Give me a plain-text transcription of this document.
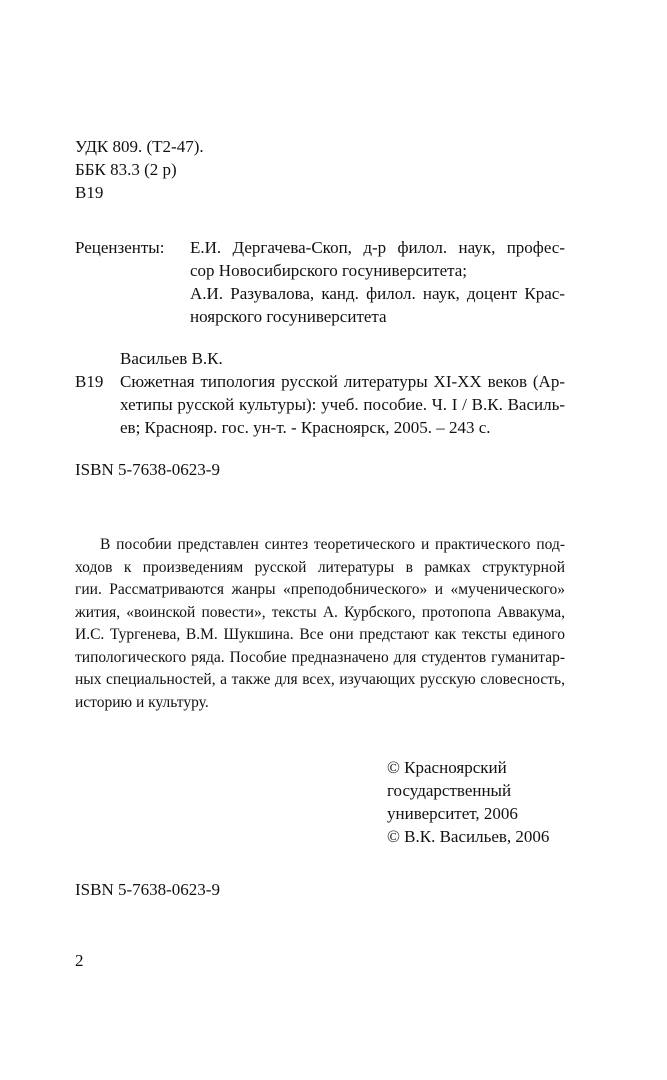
УДК 809. (Т2-47).
ББК 83.3 (2 р)
В19
Рецензенты: Е.И. Дергачева-Скоп, д-р филол. наук, профес-
сор Новосибирского госуниверситета;
А.И. Разувалова, канд. филол. наук, доцент Крас-
ноярского госуниверситета
Васильев В.К.
В19 Сюжетная типология русской литературы XI-XX веков (Ар-
хетипы русской культуры): учеб. пособие. Ч. I / В.К. Василь-
ев; Краснояр. гос. ун-т. - Красноярск, 2005. – 243 с.
ISBN 5-7638-0623-9
В пособии представлен синтез теоретического и практического под-
ходов к произведениям русской литературы в рамках структурной
гии. Рассматриваются жанры «преподобнического» и «мученического»
жития, «воинской повести», тексты А. Курбского, протопопа Аввакума,
И.С. Тургенева, В.М. Шукшина. Все они предстают как тексты единого
типологического ряда. Пособие предназначено для студентов гуманитар-
ных специальностей, а также для всех, изучающих русскую словесность,
историю и культуру.
© Красноярский
государственный
университет, 2006
© В.К. Васильев, 2006
ISBN 5-7638-0623-9
2
